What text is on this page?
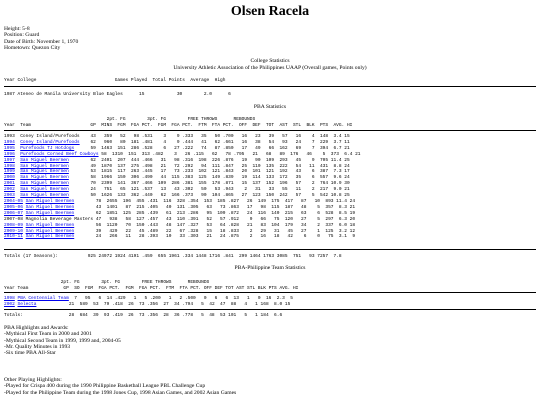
Olsen Racela
Height: 5-8
Position: Guard
Date of Birth: November 1, 1970
Hometown: Quezon City
College Statistics
University Athletic Association of the Philippines UAAP (Overall games, Points only)
Year College                             Games Played  Total Points  Average  High
1987 Ateneo de Manila University Blue Eagles      15            30        2.0      6
PBA Statistics
2pt. FG        3pt. FG        FREE THROWS      REBOUNDS
Year  Team                      GP  MINS  FGM  FGA PCT.  FGM  FGA PCT.  FTM  FTA PCT.  OFF  DEF  TOT  AST  STL  BLK  PTS  AVG. HI
1993 Coney Island/Purefoods 43   359   52   98 .531    3    9 .333   35   50 .700   16   23   39   57   16    4  148  3.4 15
1994 Coney Island/Purefoods 62   960   80  181 .481    4    9 .444   41   62 .661   16   38   54   93   24    7  229  3.7 11
1995 Purefoods TJ Hotdogs	59  1463  151  286 .528    6   27 .222   74   87 .850   17   49   66  162   69    7  394  6.7 21
1996 Purefoods Corned Beef Cowboys 58  1310  151  313 .482    3   26 .115   62   78 .795   21   68   89  176   46    5  373  6.4 21
1997 San Miguel Beermen	62  2401  207  444 .466   31   98 .316  198  226 .876   19   90  109  293   45    9  705 11.4 25
1998 San Miguel Beermen	49  1870  137  275 .498   21   72 .292   94  111 .847   25  110  135  222   54   11  431  8.8 24
1999 San Miguel Beermen	53  1815  117  263 .445   17   73 .233  102  121 .843   20  101  121  192   43    6  387  7.3 17
2000 San Miguel Beermen	58  1966  150  306 .490   44  115 .383  125  149 .839   19  114  133  172   35    6  557  9.6 24
2001 San Miguel Beermen	70  2399  141  367 .466  109  286 .381  155  178 .871   15  137  152  196   57    2  764 10.9 30
2002 San Miguel Beermen	24   751   65  121 .537   13   43 .302   50   53 .943    2   31   33   55   11    2  217  9.0 21
2003 San Miguel Beermen	50  1626  133  362 .440   62  166 .373   90  104 .865   27  123  150  242   57    5  542 10.8 25
2004-05 San Miguel Beermen	78  2655  196  455 .431  116  328 .354  153  185 .827   26  149  175  417   87   10  893 11.4 24
2005-06 San Miguel Beermen	43  1401   87  215 .405   40  131 .305   63   73 .863   17   98  115  187   48    5  357  8.3 21
2006-07 San Miguel Beermen	62  1851  125  285 .439   61  213 .286   95  109 .872   24  116  140  215   63    6  528  8.5 19
2007-08 Magnolia Beverage Masters 47   938   58  127 .457   43  110 .391   52   57 .912    9   66   75  120   27    5  297  6.3 20
2008-09 San Miguel Beermen	56  1120   70  150 .443   48  147 .327   53   64 .828   21   83  104  179   34    2  337  6.0 18
2009-10 San Miguel Beermen	39   429   22   45 .489   22   67 .328   15   18 .833    2   29   31   45   27    1  125  3.2 12
2010-11 San Miguel Beermen	24   266   11   28 .393   10   33 .303   21   24 .875    2   16   18   42    6    0   75  3.1  9
Totals (17 Seasons):           925 24972 1924 4191 .459  655 1961 .334 1448 1716 .841  299 1464 1763 3085  751   93 7257  7.8
PBA-Philippine Team Statistics
2pt. FG        3pt. FG        FREE THROWS      REBOUNDS
Year Team             GP  SO  FGM  FGA PCT.  FGM  FGA PCT.  FTM  FTA PCT. OFF DEF TOT AST STL BLK PTS AVG. HI
1998 PBA Centennial Team  7   95   6  14 .429   1   5 .200   1   2 .500   0   6   6  13   1   0  16  2.3  5
2002 Selecta	21  589  53  79 .418  26  73 .356  27  34 .794   5  42  47  88   4   1 168  8.0 15
Totals:                 28  684  39  93 .419  26  73 .356  28  36 .778   5  48  53 101   5   1 184  6.6
PBA Highlights and Awards:
-Mythical First Team in 2000 and 2001
-Mythical Second Team in 1999, 1999 and, 2004-05
-Mr. Quality Minutes in 1993
-Six time PBA All-Star
Other Playing Highlights:
-Played for Crispa 400 during the 1990 Philippine Basketball League PBL Challenge Cup
-Played for the Philippine Team during the 1998 Jones Cup, 1998 Asian Games, and 2002 Asian Games
